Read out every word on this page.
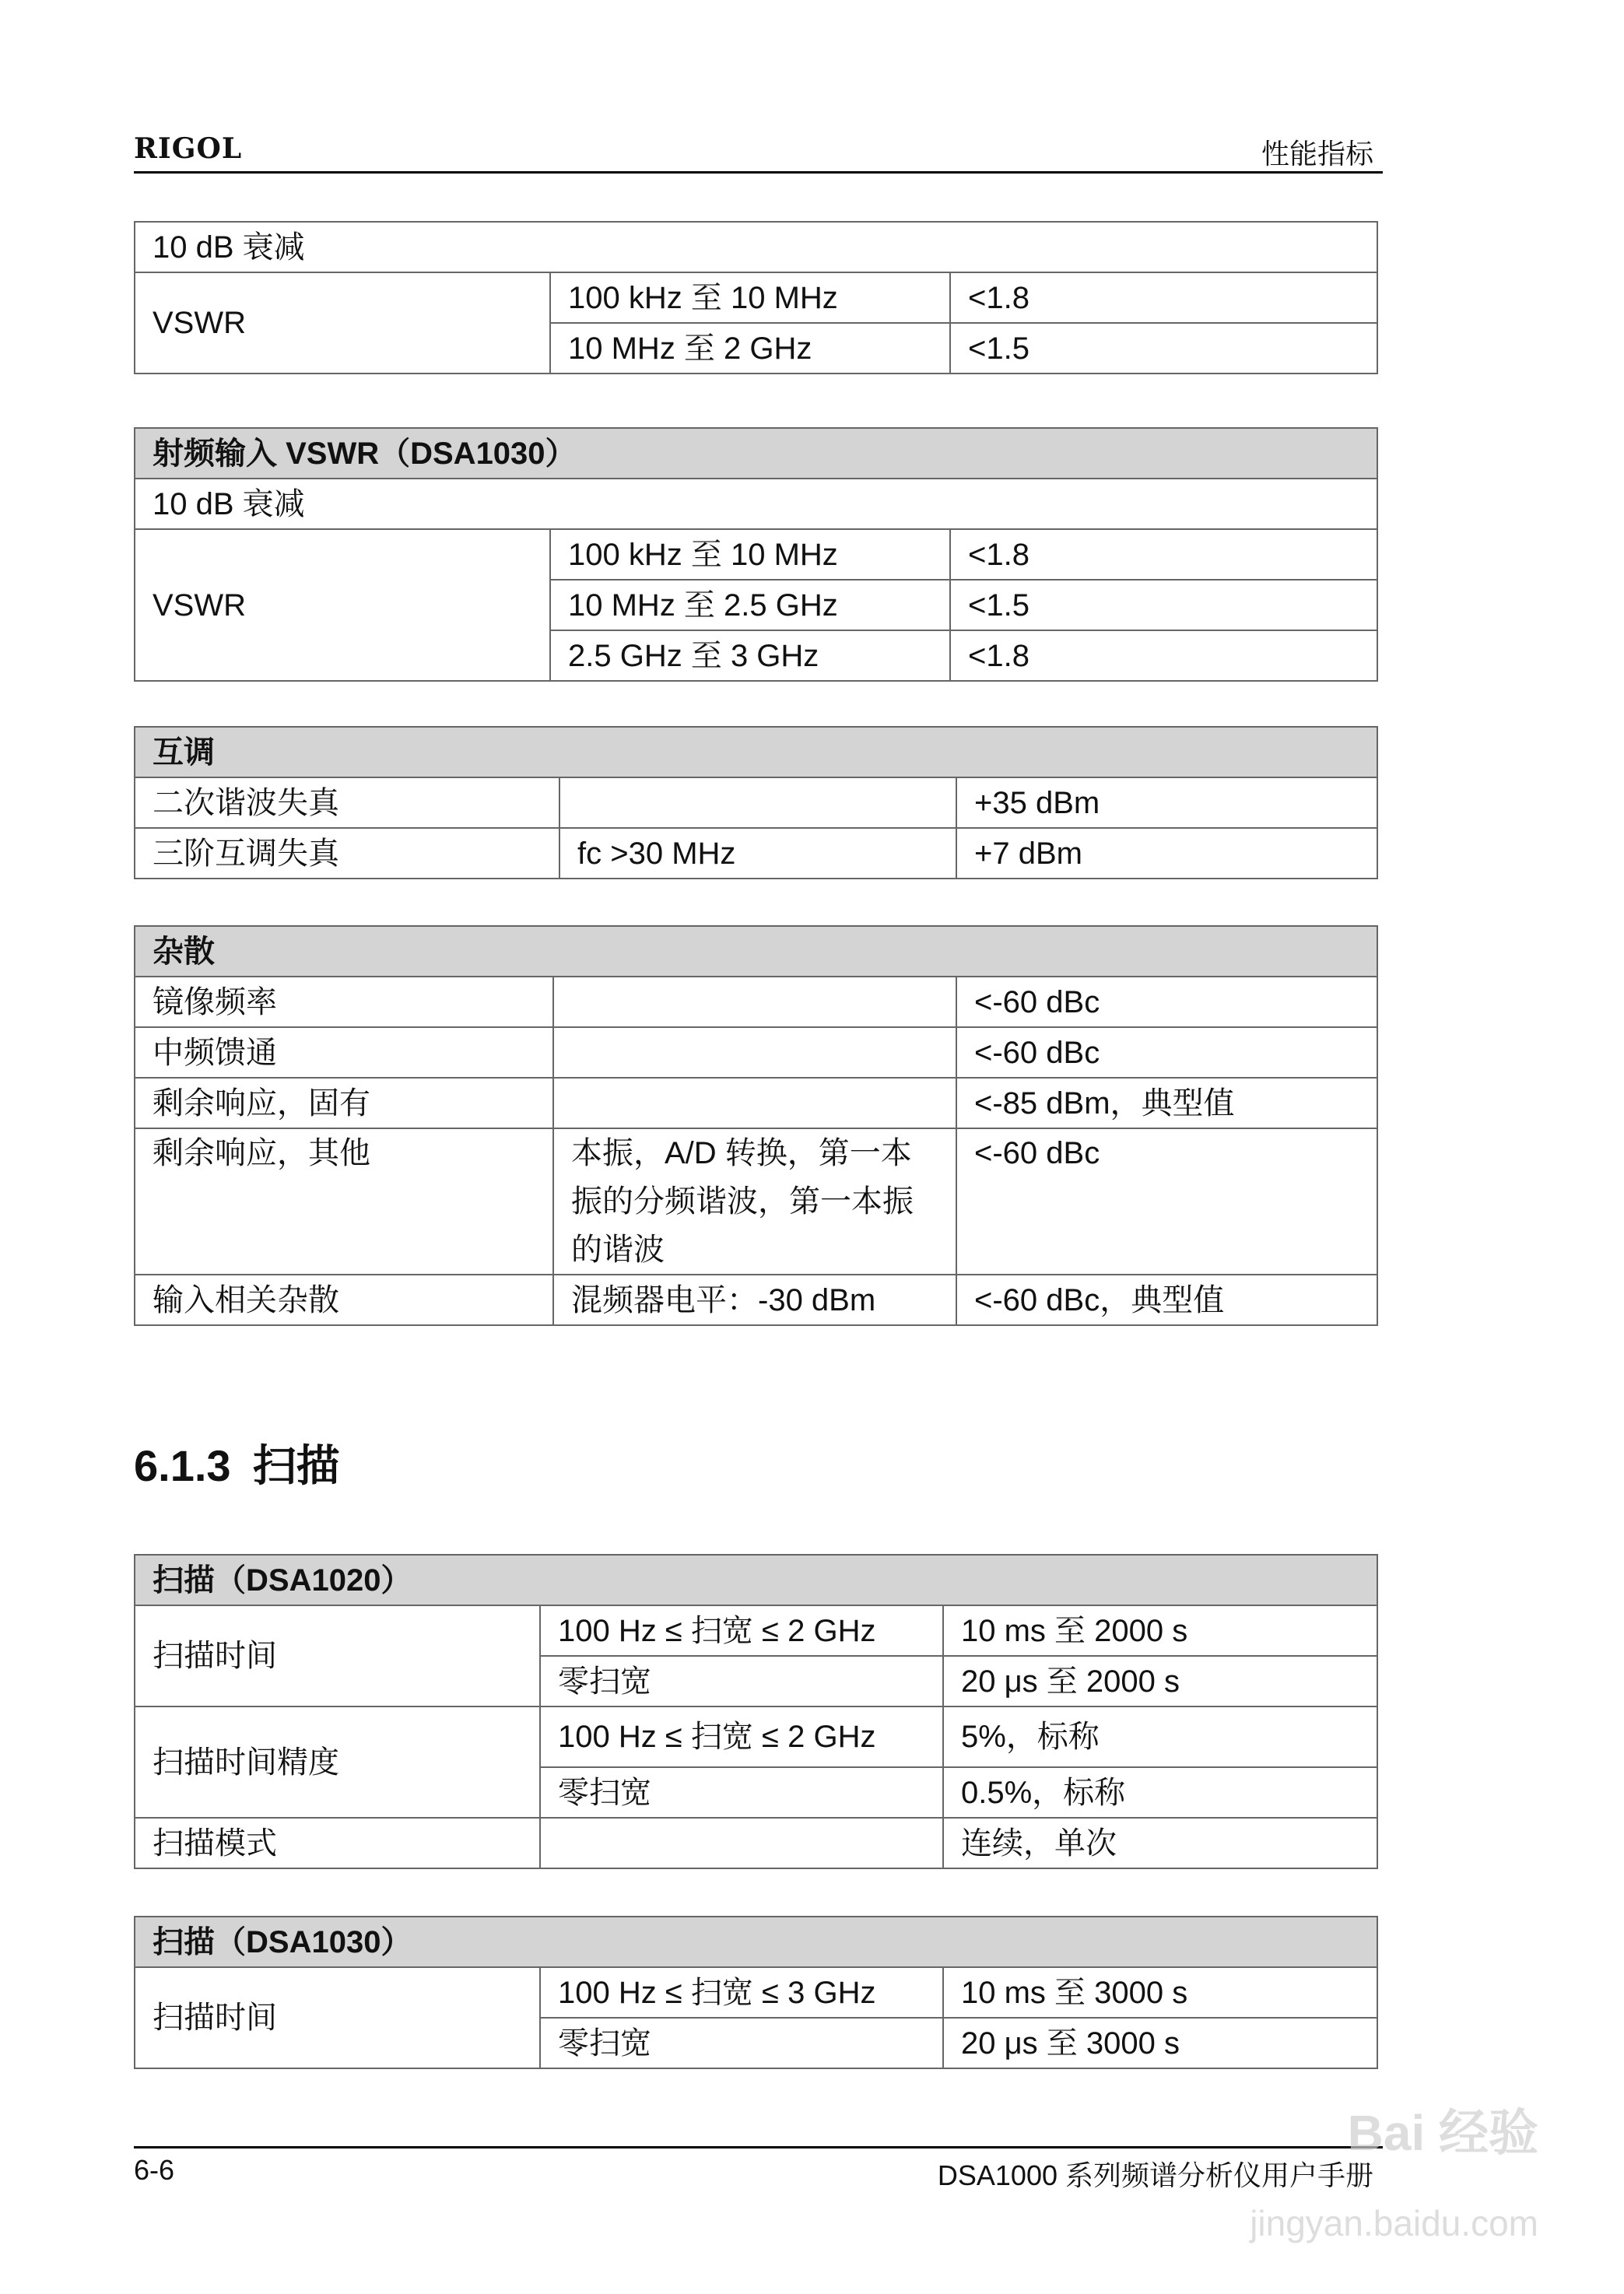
RIGOL	性能指标
10 dB 衰减		
VSWR	100 kHz 至 10 MHz	<1.8
	10 MHz 至 2 GHz	<1.5
射频输入 VSWR（DSA1030）		
10 dB 衰减		
VSWR	100 kHz 至 10 MHz	<1.8
	10 MHz 至 2.5 GHz	<1.5
	2.5 GHz 至 3 GHz	<1.8
互调		
二次谐波失真		+35 dBm
三阶互调失真	fc >30 MHz	+7 dBm
杂散		
镜像频率		<-60 dBc
中频馈通		<-60 dBc
剩余响应，固有		<-85 dBm，典型值
剩余响应，其他	本振，A/D 转换，第一本振的分频谐波，第一本振的谐波	<-60 dBc
输入相关杂散	混频器电平：-30 dBm	<-60 dBc，典型值
6.1.3 扫描
扫描（DSA1020）		
扫描时间	100 Hz ≤ 扫宽 ≤ 2 GHz	10 ms 至 2000 s
	零扫宽	20 μs 至 2000 s
扫描时间精度	100 Hz ≤ 扫宽 ≤ 2 GHz	5%，标称
	零扫宽	0.5%，标称
扫描模式		连续，单次
扫描（DSA1030）		
扫描时间	100 Hz ≤ 扫宽 ≤ 3 GHz	10 ms 至 3000 s
	零扫宽	20 μs 至 3000 s
6-6	DSA1000 系列频谱分析仪用户手册
Bai 经验
jingyan.baidu.com
